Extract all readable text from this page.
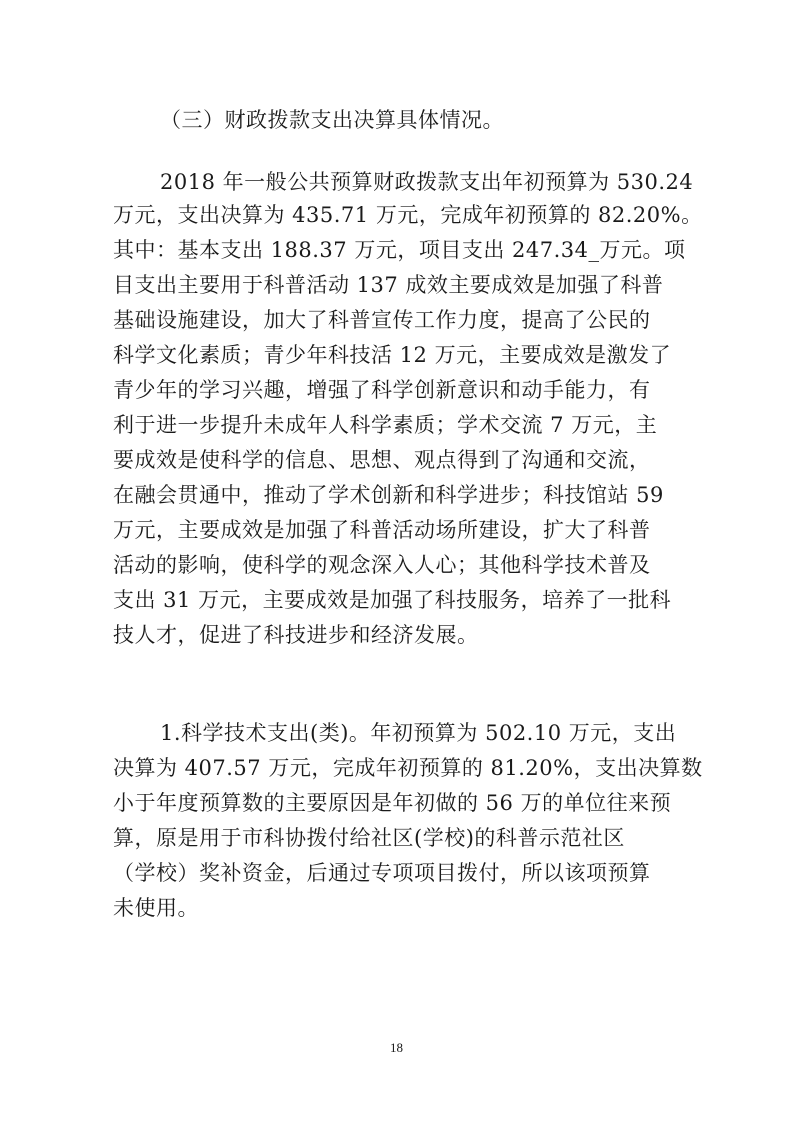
（三）财政拨款支出决算具体情况。
2018 年一般公共预算财政拨款支出年初预算为 530.24
万元，支出决算为 435.71 万元，完成年初预算的 82.20%。
其中：基本支出 188.37 万元，项目支出 247.34_万元。项
目支出主要用于科普活动 137 成效主要成效是加强了科普
基础设施建设，加大了科普宣传工作力度，提高了公民的
科学文化素质；青少年科技活 12 万元，主要成效是激发了
青少年的学习兴趣，增强了科学创新意识和动手能力，有
利于进一步提升未成年人科学素质；学术交流 7 万元，主
要成效是使科学的信息、思想、观点得到了沟通和交流，
在融会贯通中，推动了学术创新和科学进步；科技馆站 59
万元，主要成效是加强了科普活动场所建设，扩大了科普
活动的影响，使科学的观念深入人心；其他科学技术普及
支出 31 万元，主要成效是加强了科技服务，培养了一批科
技人才，促进了科技进步和经济发展。
1.科学技术支出(类)。年初预算为 502.10 万元，支出
决算为 407.57 万元，完成年初预算的 81.20%，支出决算数
小于年度预算数的主要原因是年初做的 56 万的单位往来预
算，原是用于市科协拨付给社区(学校)的科普示范社区
（学校）奖补资金，后通过专项项目拨付，所以该项预算
未使用。
18
